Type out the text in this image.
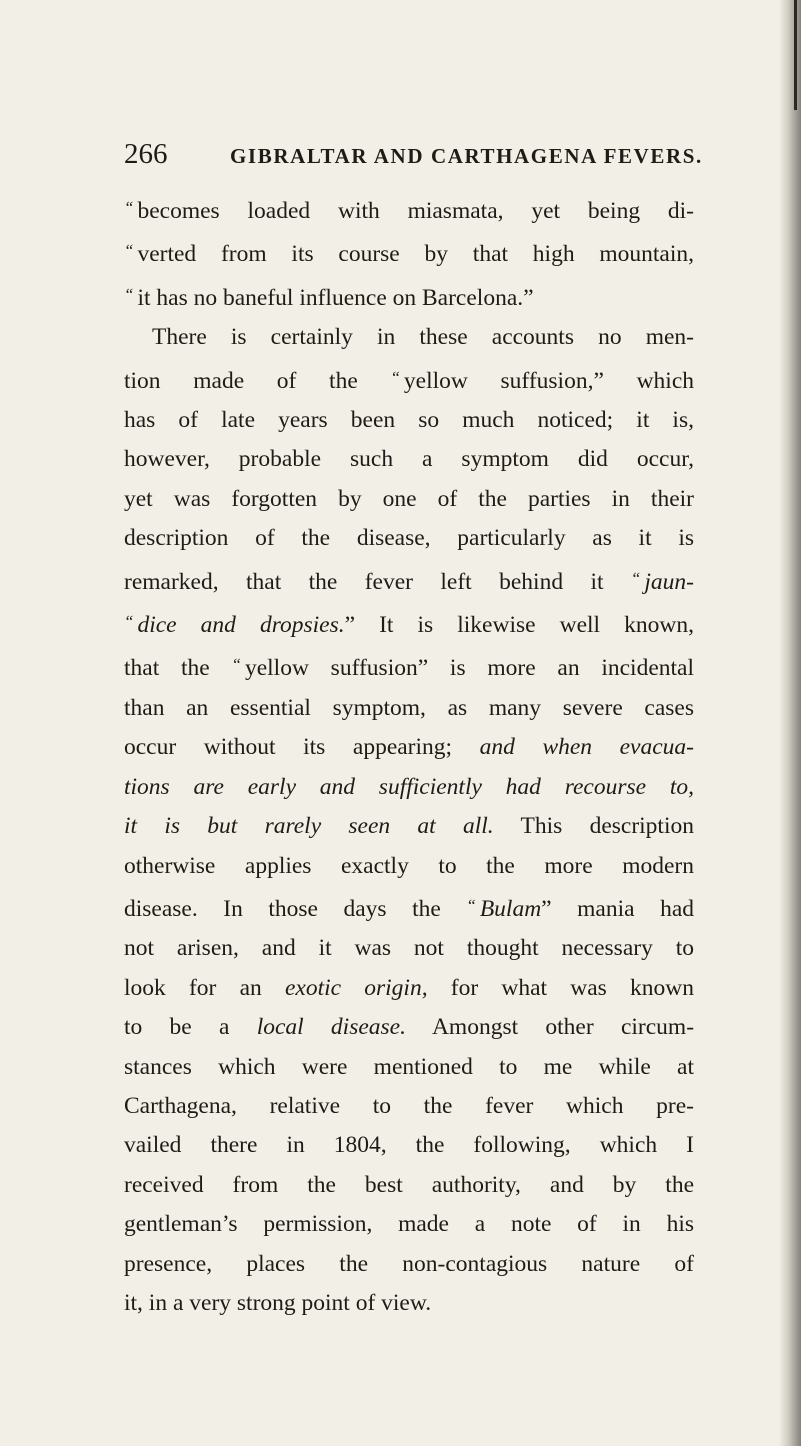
266	GIBRALTAR AND CARTHAGENA FEVERS.
“ becomes loaded with miasmata, yet being di-
“ verted from its course by that high mountain,
“ it has no baneful influence on Barcelona.”
There is certainly in these accounts no men-
tion made of the “ yellow suffusion,” which
has of late years been so much noticed; it is,
however, probable such a symptom did occur,
yet was forgotten by one of the parties in their
description of the disease, particularly as it is
remarked, that the fever left behind it “ jaun-
“ dice and dropsies.” It is likewise well known,
that the “ yellow suffusion” is more an incidental
than an essential symptom, as many severe cases
occur without its appearing; and when evacua-
tions are early and sufficiently had recourse to,
it is but rarely seen at all. This description
otherwise applies exactly to the more modern
disease. In those days the “ Bulam” mania had
not arisen, and it was not thought necessary to
look for an exotic origin, for what was known
to be a local disease. Amongst other circum-
stances which were mentioned to me while at
Carthagena, relative to the fever which pre-
vailed there in 1804, the following, which I
received from the best authority, and by the
gentleman’s permission, made a note of in his
presence, places the non-contagious nature of
it, in a very strong point of view.
